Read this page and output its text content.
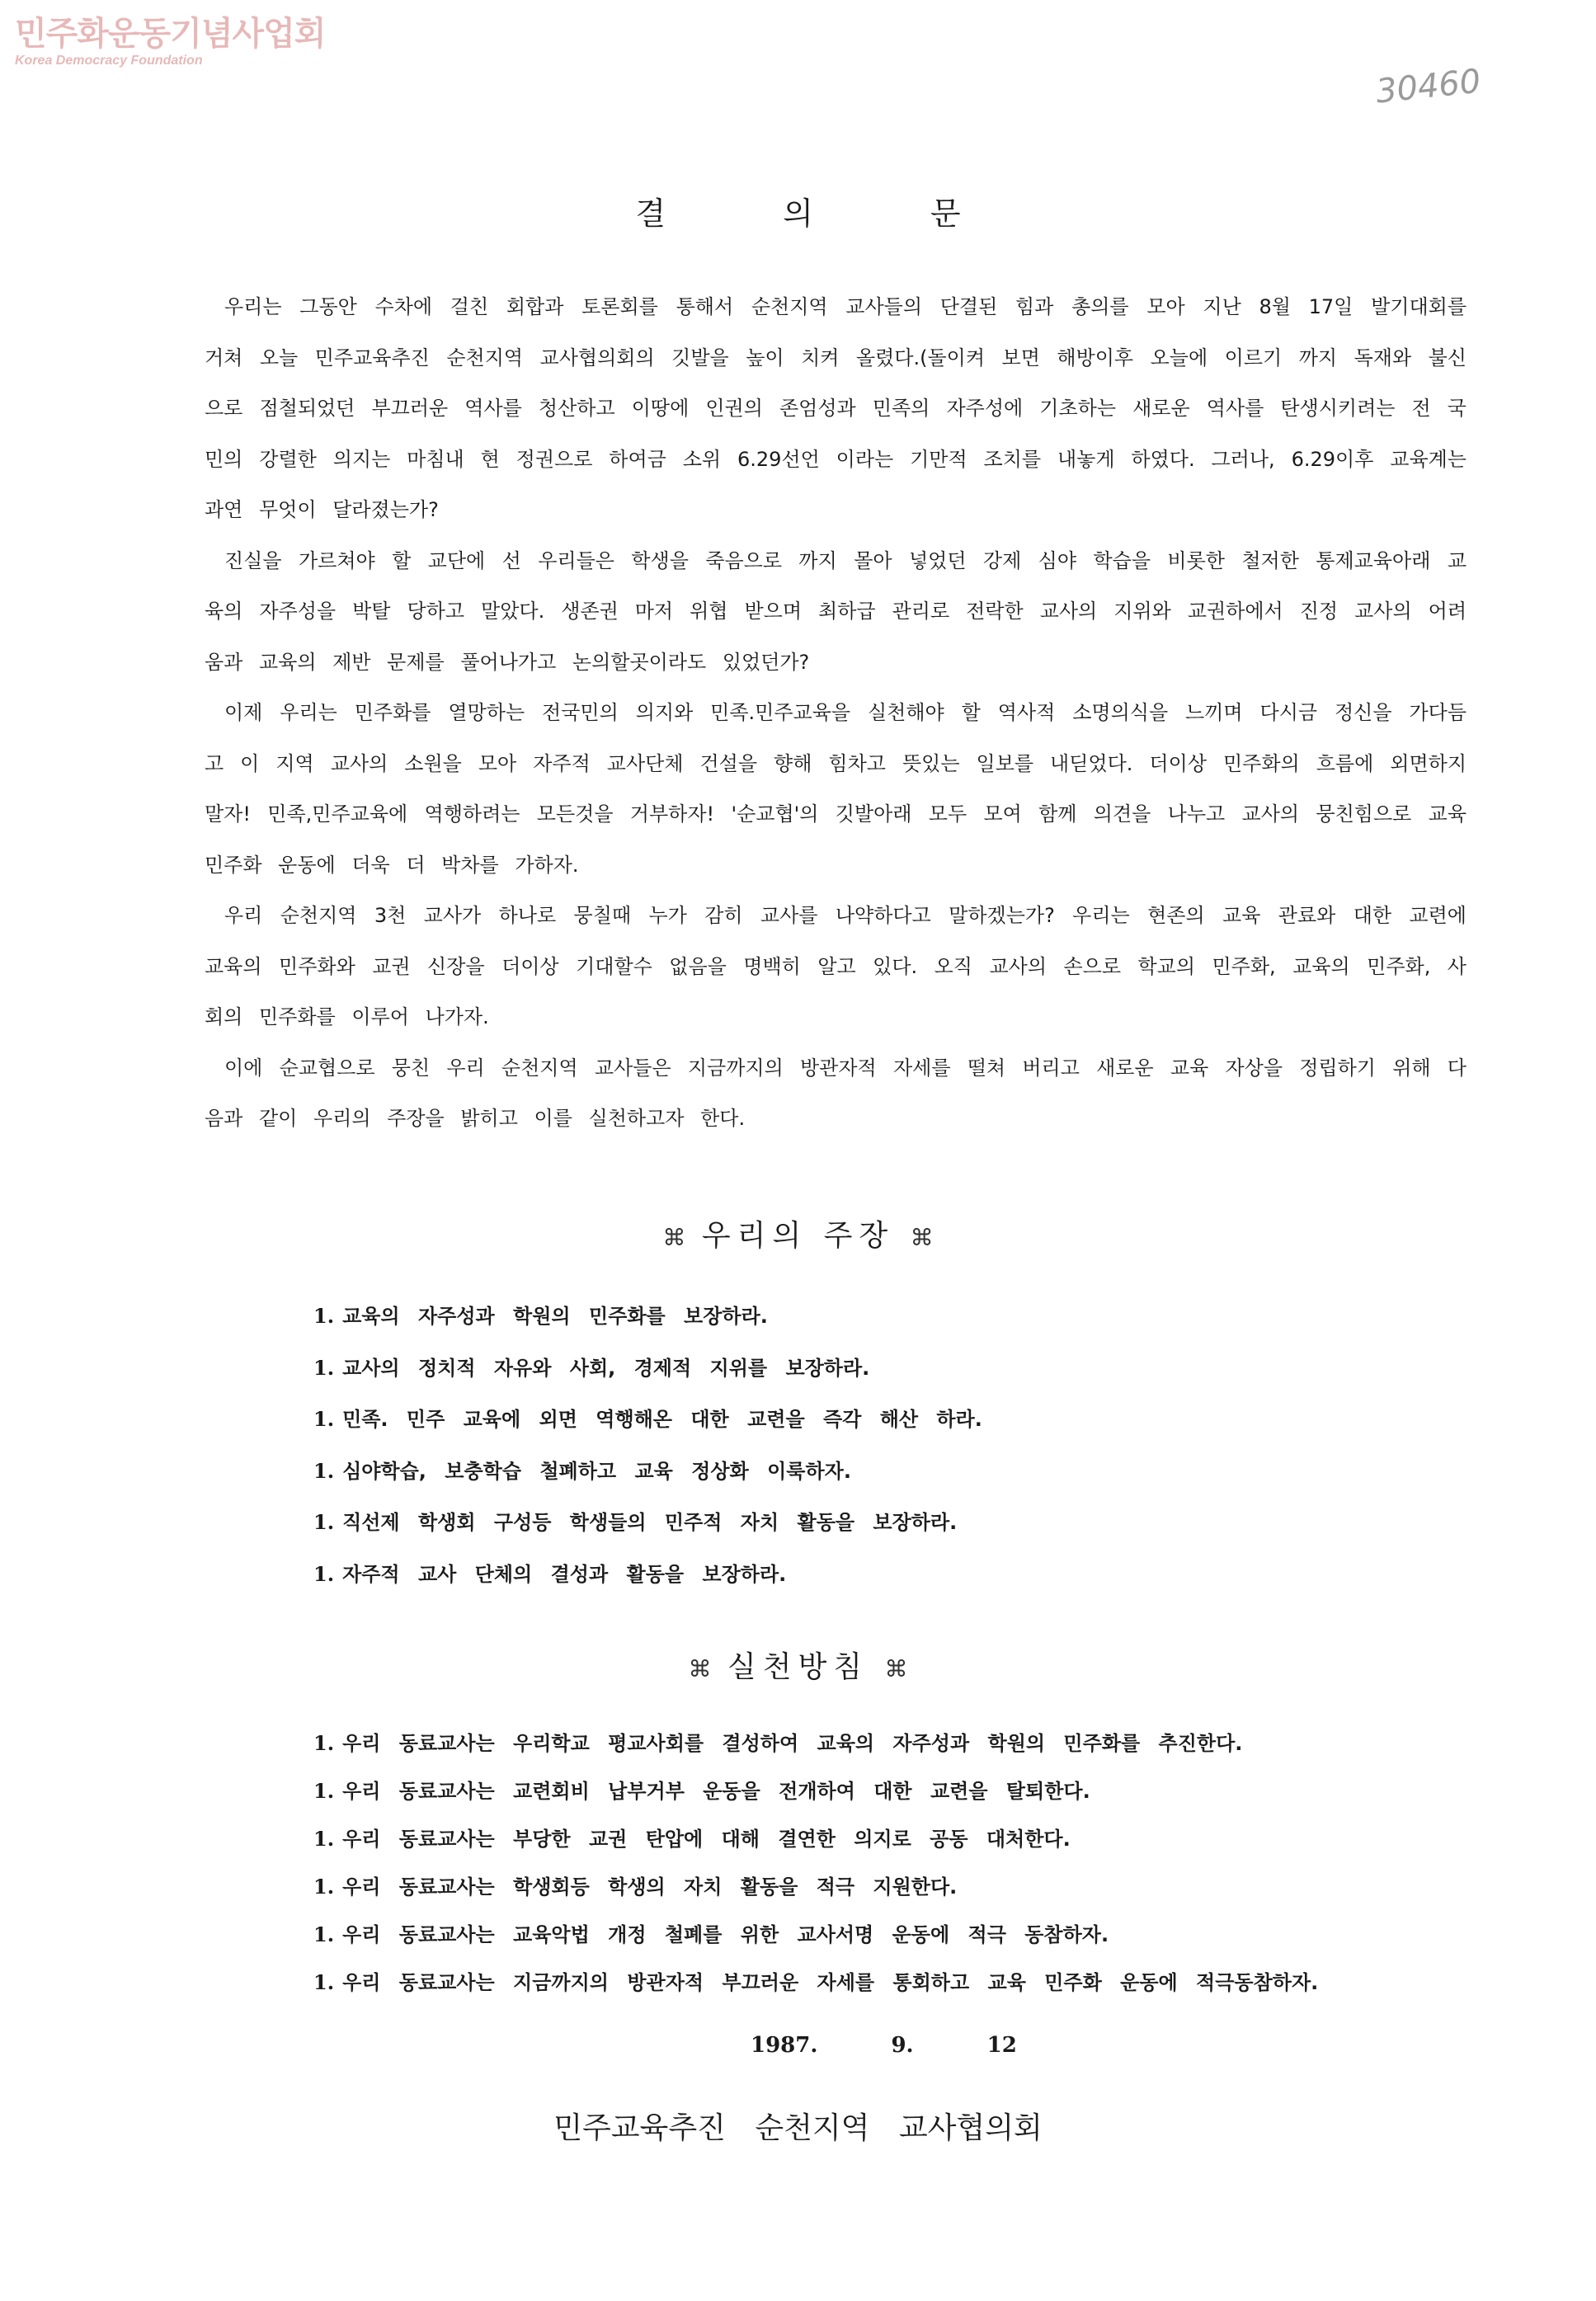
민주화운동기념사업회
Korea Democracy Foundation
30460
결 의 문

우리는 그동안 수차에 걸친 회합과 토론회를 통해서 순천지역 교사들의 단결된 힘과 총의를 모아 지난 8월 17일 발기대회를 거쳐 오늘 민주교육추진 순천지역 교사협의회의 깃발을 높이 치켜 올렸다.(돌이켜 보면 해방이후 오늘에 이르기 까지 독재와 불신으로 점철되었던 부끄러운 역사를 청산하고 이땅에 인권의 존엄성과 민족의 자주성에 기초하는 새로운 역사를 탄생시키려는 전 국민의 강렬한 의지는 마침내 현 정권으로 하여금 소위 6.29선언 이라는 기만적 조치를 내놓게 하였다. 그러나, 6.29이후 교육계는 과연 무엇이 달라졌는가?

진실을 가르쳐야 할 교단에 선 우리들은 학생을 죽음으로 까지 몰아 넣었던 강제 심야 학습을 비롯한 철저한 통제교육아래 교육의 자주성을 박탈 당하고 말았다. 생존권 마저 위협 받으며 최하급 관리로 전락한 교사의 지위와 교권하에서 진정 교사의 어려움과 교육의 제반 문제를 풀어나가고 논의할곳이라도 있었던가?

이제 우리는 민주화를 열망하는 전국민의 의지와 민족.민주교육을 실천해야 할 역사적 소명의식을 느끼며 다시금 정신을 가다듬고 이 지역 교사의 소원을 모아 자주적 교사단체 건설을 향해 힘차고 뜻있는 일보를 내딛었다. 더이상 민주화의 흐름에 외면하지 말자! 민족,민주교육에 역행하려는 모든것을 거부하자! '순교협'의 깃발아래 모두 모여 함께 의견을 나누고 교사의 뭉친힘으로 교육 민주화 운동에 더욱 더 박차를 가하자.

우리 순천지역 3천 교사가 하나로 뭉칠때 누가 감히 교사를 나약하다고 말하겠는가? 우리는 현존의 교육 관료와 대한 교련에 교육의 민주화와 교권 신장을 더이상 기대할수 없음을 명백히 알고 있다. 오직 교사의 손으로 학교의 민주화, 교육의 민주화, 사회의 민주화를 이루어 나가자.

이에 순교협으로 뭉친 우리 순천지역 교사들은 지금까지의 방관자적 자세를 떨쳐 버리고 새로운 교육 자상을 정립하기 위해 다음과 같이 우리의 주장을 밝히고 이를 실천하고자 한다.

⌘ 우리의 주장 ⌘
1. 교육의 자주성과 학원의 민주화를 보장하라.
1. 교사의 정치적 자유와 사회, 경제적 지위를 보장하라.
1. 민족. 민주 교육에 외면 역행해온 대한 교련을 즉각 해산 하라.
1. 심야학습, 보충학습 철폐하고 교육 정상화 이룩하자.
1. 직선제 학생회 구성등 학생들의 민주적 자치 활동을 보장하라.
1. 자주적 교사 단체의 결성과 활동을 보장하라.
⌘ 실천방침 ⌘
1. 우리 동료교사는 우리학교 평교사회를 결성하여 교육의 자주성과 학원의 민주화를 추진한다.
1. 우리 동료교사는 교련회비 납부거부 운동을 전개하여 대한 교련을 탈퇴한다.
1. 우리 동료교사는 부당한 교권 탄압에 대해 결연한 의지로 공동 대처한다.
1. 우리 동료교사는 학생회등 학생의 자치 활동을 적극 지원한다.
1. 우리 동료교사는 교육악법 개정 철폐를 위한 교사서명 운동에 적극 동참하자.
1. 우리 동료교사는 지금까지의 방관자적 부끄러운 자세를 통회하고 교육 민주화 운동에 적극동참하자.
1987. 9. 12
민주교육추진 순천지역 교사협의회
